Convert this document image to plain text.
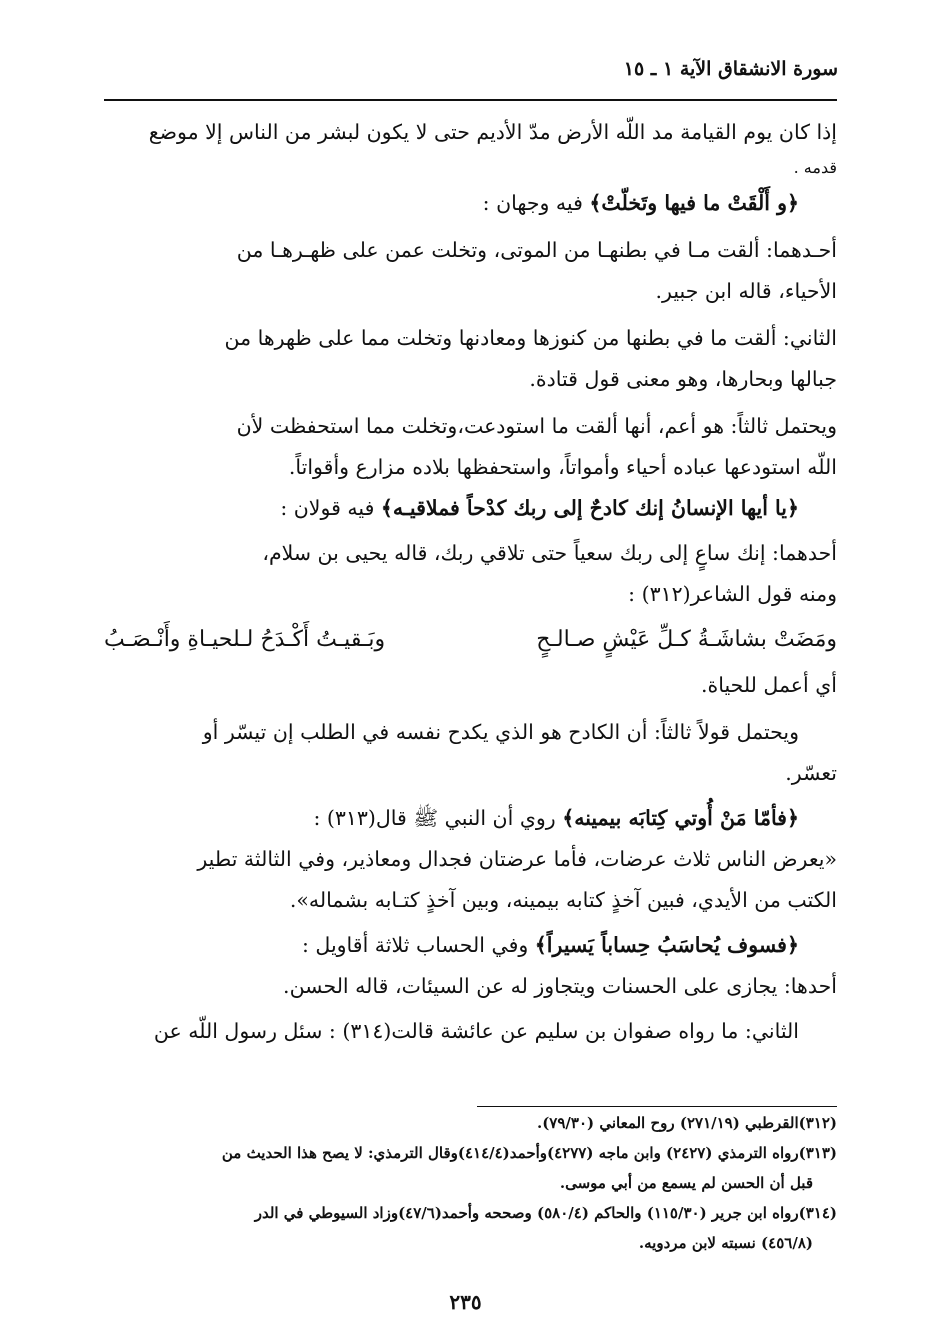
سورة الانشقاق الآية ١ ـ ١٥

إذا كان يوم القيامة مد اللّه الأرض مدّ الأديم حتى لا يكون لبشر من الناس إلا موضع

قدمه .

﴿و أَلْقَتْ ما فيها وتَخلّتْ﴾ فيه وجهان :

أحـدهما: ألقت مـا في بطنهـا من الموتى، وتخلت عمن على ظهـرهـا من

الأحياء، قاله ابن جبير.

الثاني: ألقت ما في بطنها من كنوزها ومعادنها وتخلت مما على ظهرها من

جبالها وبحارها، وهو معنى قول قتادة.

ويحتمل ثالثاً: هو أعم، أنها ألقت ما استودعت،وتخلت مما استحفظت لأن

اللّه استودعها عباده أحياء وأمواتاً، واستحفظها بلاده مزارع وأقواتاً.

﴿يا أيها الإنسانُ إنك كادحٌ إلى ربك كدْحاً فملاقيـه﴾ فيه قولان :

أحدهما: إنك ساعٍ إلى ربك سعياً حتى تلاقي ربك، قاله يحيى بن سلام،

ومنه قول الشاعر(٣١٢) :

ومَضَتْ بشاشَـةُ كـلِّ عَيْشٍ صـالـحٍ
وبَـقيـتُ أَكْـدَحُ لـلحيـاةِ وأَنْـصَـبُ

أي أعمل للحياة.

ويحتمل قولاً ثالثاً: أن الكادح هو الذي يكدح نفسه في الطلب إن تيسّر أو

تعسّر.

﴿فأمّا مَنْ أُوتي كِتابَه بيمينه﴾ روي أن النبي ﷺ قال(٣١٣) :

«يعرض الناس ثلاث عرضات، فأما عرضتان فجدال ومعاذير، وفي الثالثة تطير

الكتب من الأيدي، فبين آخذٍ كتابه بيمينه، وبين آخذٍ كتـابه بشماله».

﴿فسوف يُحاسَبُ حِساباً يَسيراً﴾ وفي الحساب ثلاثة أقاويل :

أحدها: يجازى على الحسنات ويتجاوز له عن السيئات، قاله الحسن.

الثاني: ما رواه صفوان بن سليم عن عائشة قالت(٣١٤) : سئل رسول اللّه عن

(٣١٢)القرطبي (٢٧١/١٩) روح المعاني (٧٩/٣٠).

(٣١٣)رواه الترمذي (٢٤٢٧) وابن ماجه (٤٢٧٧)وأحمد(٤١٤/٤)وقال الترمذي: لا يصح هذا الحديث من

قبل أن الحسن لم يسمع من أبي موسى.

(٣١٤)رواه ابن جرير (١١٥/٣٠) والحاكم (٥٨٠/٤) وصححه وأحمد(٤٧/٦)وزاد السيوطي في الدر

(٤٥٦/٨) نسبته لابن مردويه.

٢٣٥
